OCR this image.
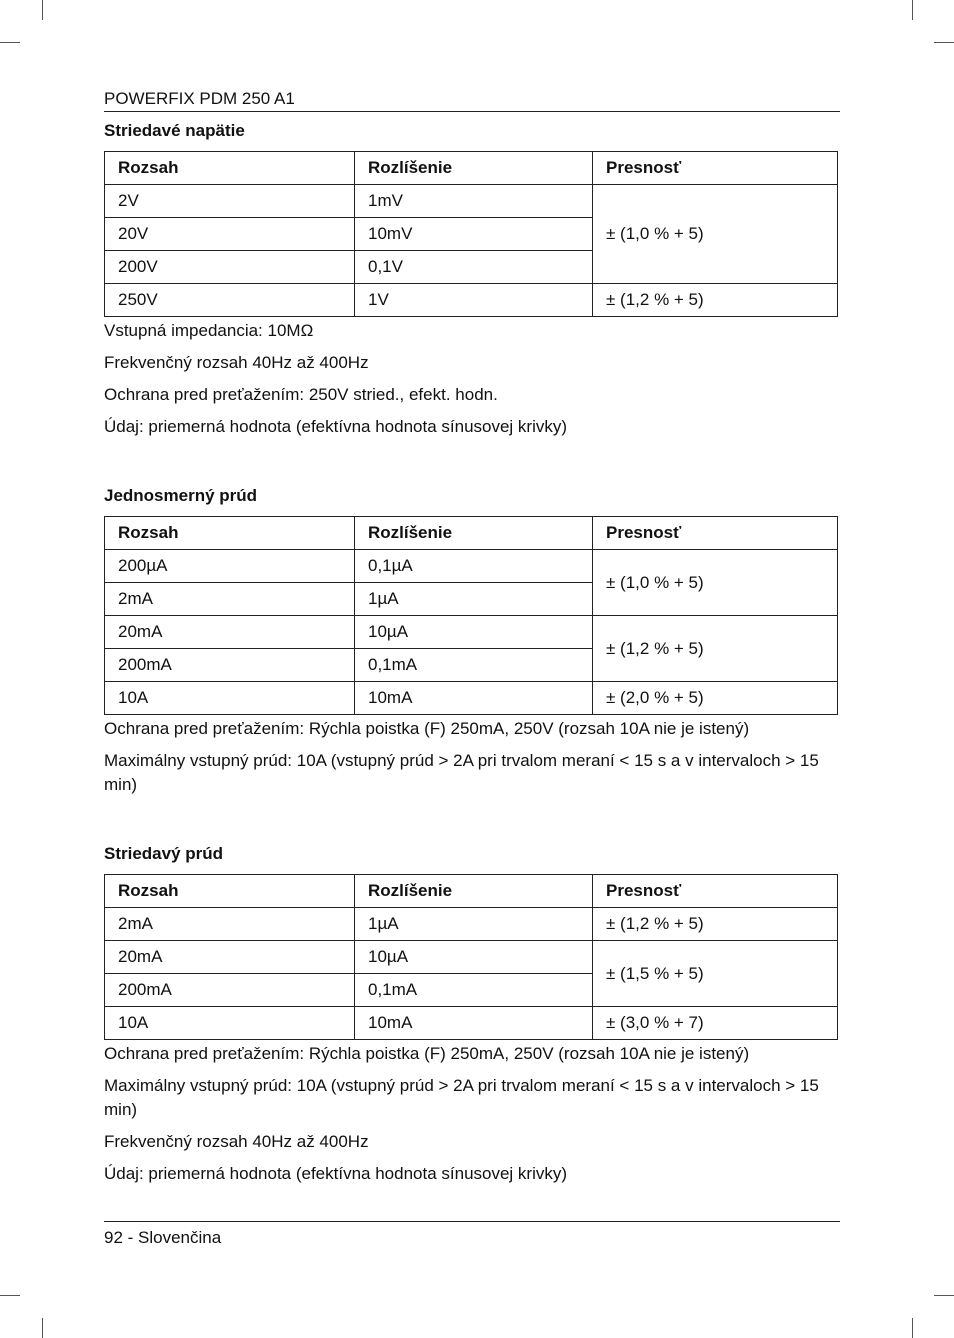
POWERFIX PDM 250 A1
Striedavé napätie
Rozsah	Rozlíšenie	Presnosť
2V	1mV	± (1,0 % + 5)
20V	10mV	
200V	0,1V	
250V	1V	± (1,2 % + 5)

Vstupná impedancia: 10MΩ

Frekvenčný rozsah 40Hz až 400Hz

Ochrana pred preťažením: 250V stried., efekt. hodn.

Údaj: priemerná hodnota (efektívna hodnota sínusovej krivky)

Jednosmerný prúd
Rozsah	Rozlíšenie	Presnosť
200µA	0,1µA	± (1,0 % + 5)
2mA	1µA	
20mA	10µA	± (1,2 % + 5)
200mA	0,1mA	
10A	10mA	± (2,0 % + 5)

Ochrana pred preťažením: Rýchla poistka (F) 250mA, 250V (rozsah 10A nie je istený)

Maximálny vstupný prúd: 10A (vstupný prúd > 2A pri trvalom meraní < 15 s a v intervaloch > 15 min)

Striedavý prúd
Rozsah	Rozlíšenie	Presnosť
2mA	1µA	± (1,2 % + 5)
20mA	10µA	± (1,5 % + 5)
200mA	0,1mA	
10A	10mA	± (3,0 % + 7)

Ochrana pred preťažením: Rýchla poistka (F) 250mA, 250V (rozsah 10A nie je istený)

Maximálny vstupný prúd: 10A (vstupný prúd > 2A pri trvalom meraní < 15 s a v intervaloch > 15 min)

Frekvenčný rozsah 40Hz až 400Hz

Údaj: priemerná hodnota (efektívna hodnota sínusovej krivky)

92 - Slovenčina
